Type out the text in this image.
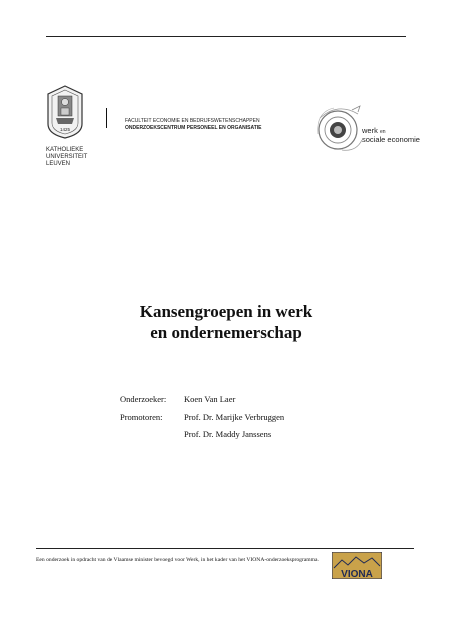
1425
KATHOLIEKE
UNIVERSITEIT
LEUVEN
FACULTEIT ECONOMIE EN BEDRIJFSWETENSCHAPPEN
ONDERZOEKSCENTRUM PERSONEEL EN ORGANISATIE	werk en
sociale economie
Kansengroepen in werk
en ondernemerschap
Onderzoeker:	Koen Van Laer
Promotoren:	Prof. Dr. Marijke Verbruggen
Prof. Dr. Maddy Janssens
Een onderzoek in opdracht van de Vlaamse minister bevoegd voor Werk, in het kader van het VIONA-onderzoeksprogramma.
VIONA
